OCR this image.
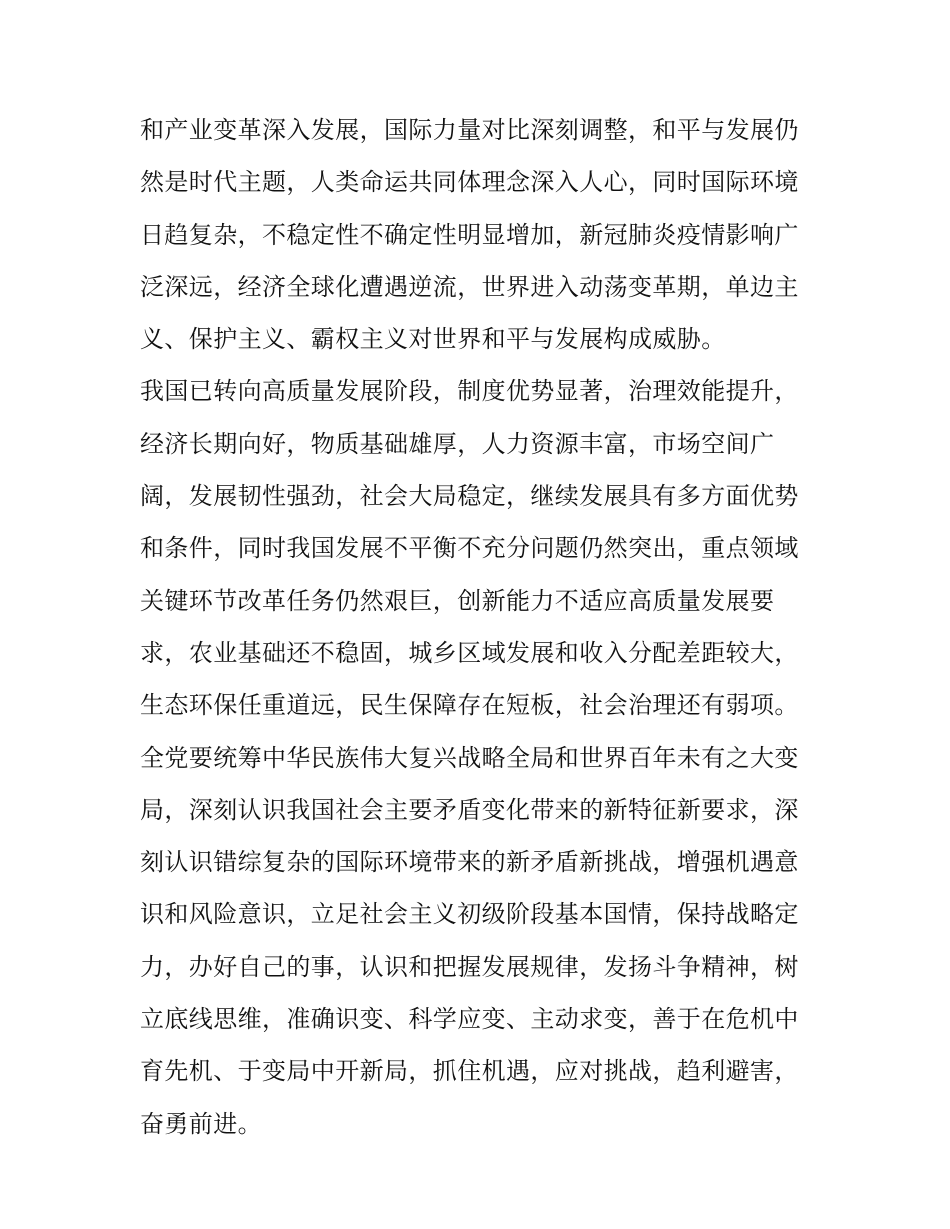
和产业变革深入发展，国际力量对比深刻调整，和平与发展仍
然是时代主题，人类命运共同体理念深入人心，同时国际环境
日趋复杂，不稳定性不确定性明显增加，新冠肺炎疫情影响广
泛深远，经济全球化遭遇逆流，世界进入动荡变革期，单边主
义、保护主义、霸权主义对世界和平与发展构成威胁。
我国已转向高质量发展阶段，制度优势显著，治理效能提升，
经济长期向好，物质基础雄厚，人力资源丰富，市场空间广
阔，发展韧性强劲，社会大局稳定，继续发展具有多方面优势
和条件，同时我国发展不平衡不充分问题仍然突出，重点领域
关键环节改革任务仍然艰巨，创新能力不适应高质量发展要
求，农业基础还不稳固，城乡区域发展和收入分配差距较大，
生态环保任重道远，民生保障存在短板，社会治理还有弱项。
全党要统筹中华民族伟大复兴战略全局和世界百年未有之大变
局，深刻认识我国社会主要矛盾变化带来的新特征新要求，深
刻认识错综复杂的国际环境带来的新矛盾新挑战，增强机遇意
识和风险意识，立足社会主义初级阶段基本国情，保持战略定
力，办好自己的事，认识和把握发展规律，发扬斗争精神，树
立底线思维，准确识变、科学应变、主动求变，善于在危机中
育先机、于变局中开新局，抓住机遇，应对挑战，趋利避害，
奋勇前进。
